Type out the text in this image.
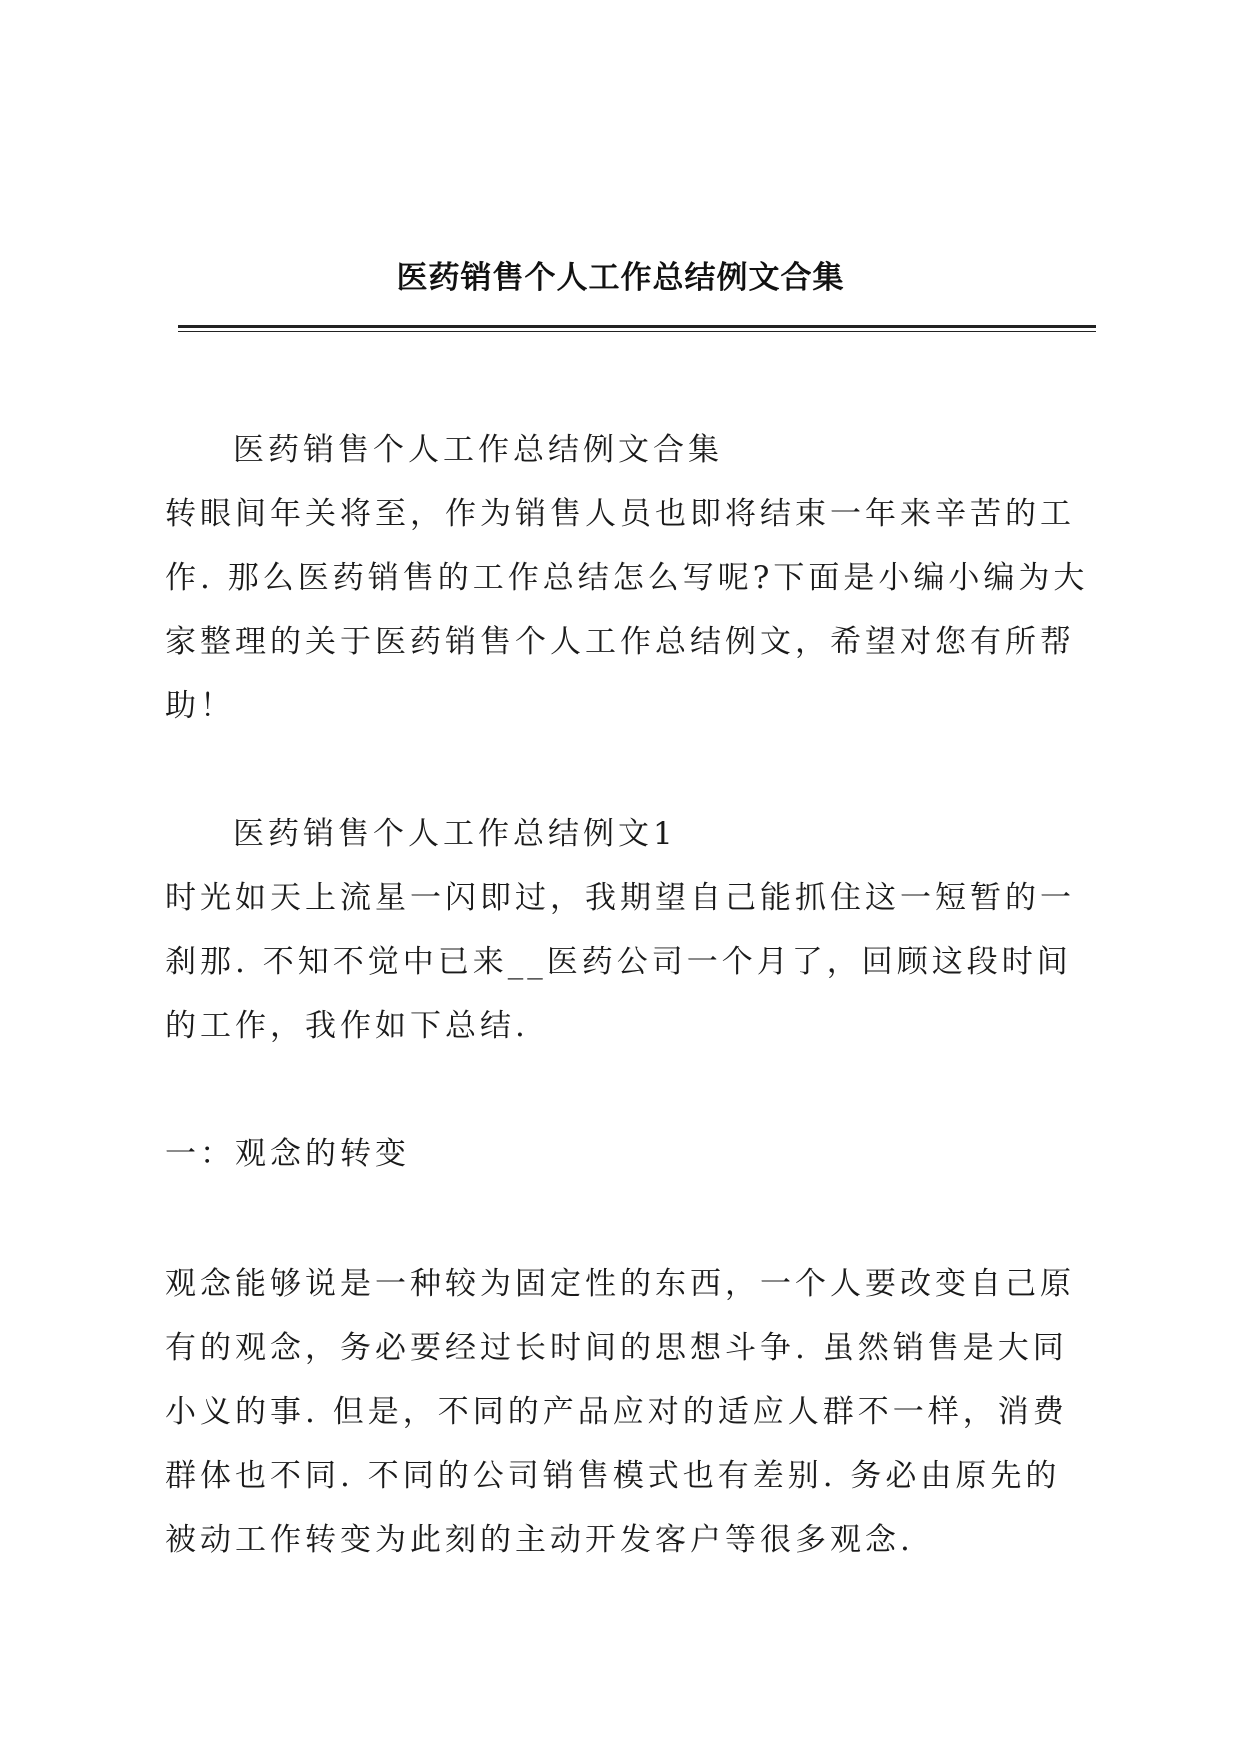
医药销售个人工作总结例文合集

医药销售个人工作总结例文合集

转眼间年关将至，作为销售人员也即将结束一年来辛苦的工作. 那么医药销售的工作总结怎么写呢?下面是小编小编为大家整理的关于医药销售个人工作总结例文，希望对您有所帮助！

医药销售个人工作总结例文1

时光如天上流星一闪即过，我期望自己能抓住这一短暂的一刹那. 不知不觉中已来__医药公司一个月了，回顾这段时间的工作，我作如下总结.

一：观念的转变

观念能够说是一种较为固定性的东西，一个人要改变自己原有的观念，务必要经过长时间的思想斗争. 虽然销售是大同小义的事. 但是，不同的产品应对的适应人群不一样，消费群体也不同. 不同的公司销售模式也有差别. 务必由原先的被动工作转变为此刻的主动开发客户等很多观念.
